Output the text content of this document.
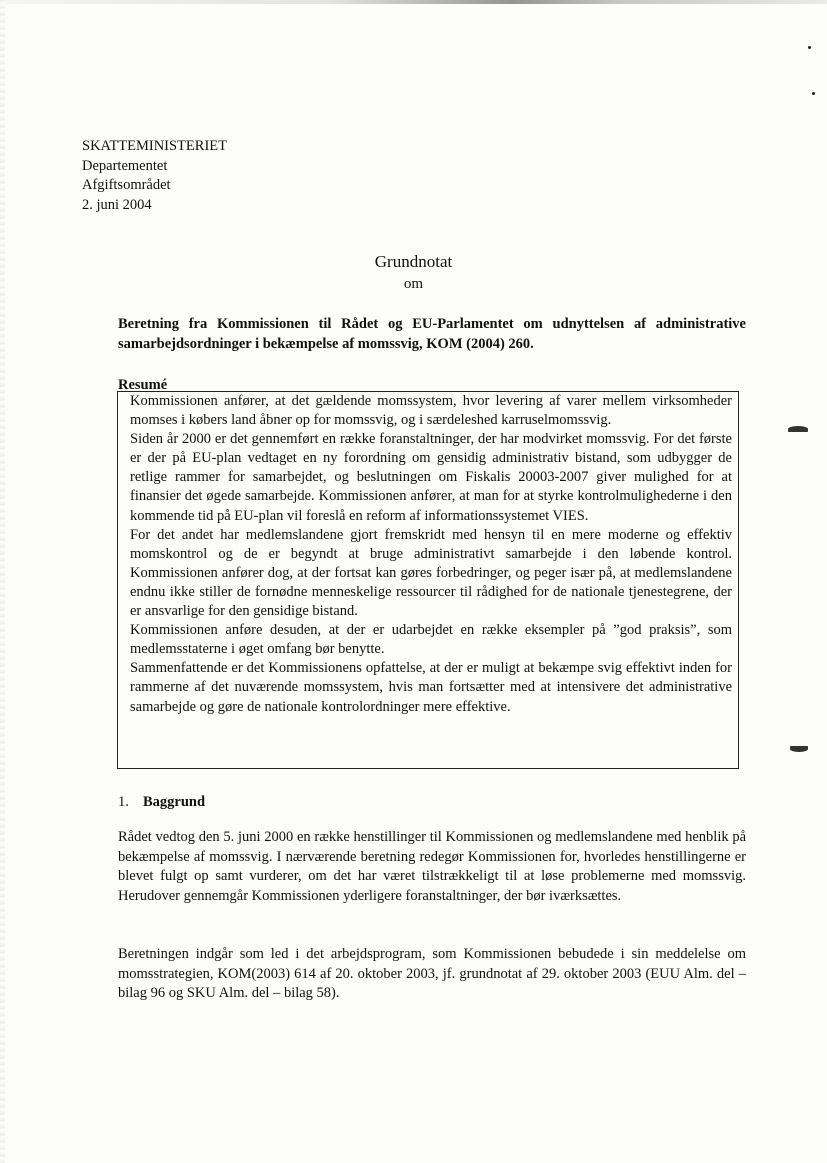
SKATTEMINISTERIET
Departementet
Afgiftsområdet
2. juni 2004
Grundnotat
om
Beretning fra Kommissionen til Rådet og EU-Parlamentet om udnyttelsen af administrative samarbejdsordninger i bekæmpelse af momssvig, KOM (2004) 260.
Resumé

Kommissionen anfører, at det gældende momssystem, hvor levering af varer mellem virksomheder momses i købers land åbner op for momssvig, og i særdeleshed karruselmomssvig.

Siden år 2000 er det gennemført en række foranstaltninger, der har modvirket momssvig. For det første er der på EU-plan vedtaget en ny forordning om gensidig administrativ bistand, som udbygger de retlige rammer for samarbejdet, og beslutningen om Fiskalis 20003-2007 giver mulighed for at finansier det øgede samarbejde. Kommissionen anfører, at man for at styrke kontrolmulighederne i den kommende tid på EU-plan vil foreslå en reform af informationssystemet VIES.

For det andet har medlemslandene gjort fremskridt med hensyn til en mere moderne og effektiv momskontrol og de er begyndt at bruge administrativt samarbejde i den løbende kontrol. Kommissionen anfører dog, at der fortsat kan gøres forbedringer, og peger især på, at medlemslandene endnu ikke stiller de fornødne menneskelige ressourcer til rådighed for de nationale tjenestegrene, der er ansvarlige for den gensidige bistand.

Kommissionen anføre desuden, at der er udarbejdet en række eksempler på ”god praksis”, som medlemsstaterne i øget omfang bør benytte.

Sammenfattende er det Kommissionens opfattelse, at der er muligt at bekæmpe svig effektivt inden for rammerne af det nuværende momssystem, hvis man fortsætter med at intensivere det administrative samarbejde og gøre de nationale kontrolordninger mere effektive.

1. Baggrund

Rådet vedtog den 5. juni 2000 en række henstillinger til Kommissionen og medlemslandene med henblik på bekæmpelse af momssvig. I nærværende beretning redegør Kommissionen for, hvorledes henstillingerne er blevet fulgt op samt vurderer, om det har været tilstrækkeligt til at løse problemerne med momssvig. Herudover gennemgår Kommissionen yderligere foranstaltninger, der bør iværksættes.

Beretningen indgår som led i det arbejdsprogram, som Kommissionen bebudede i sin meddelelse om momsstrategien, KOM(2003) 614 af 20. oktober 2003, jf. grundnotat af 29. oktober 2003 (EUU Alm. del – bilag 96 og SKU Alm. del – bilag 58).
